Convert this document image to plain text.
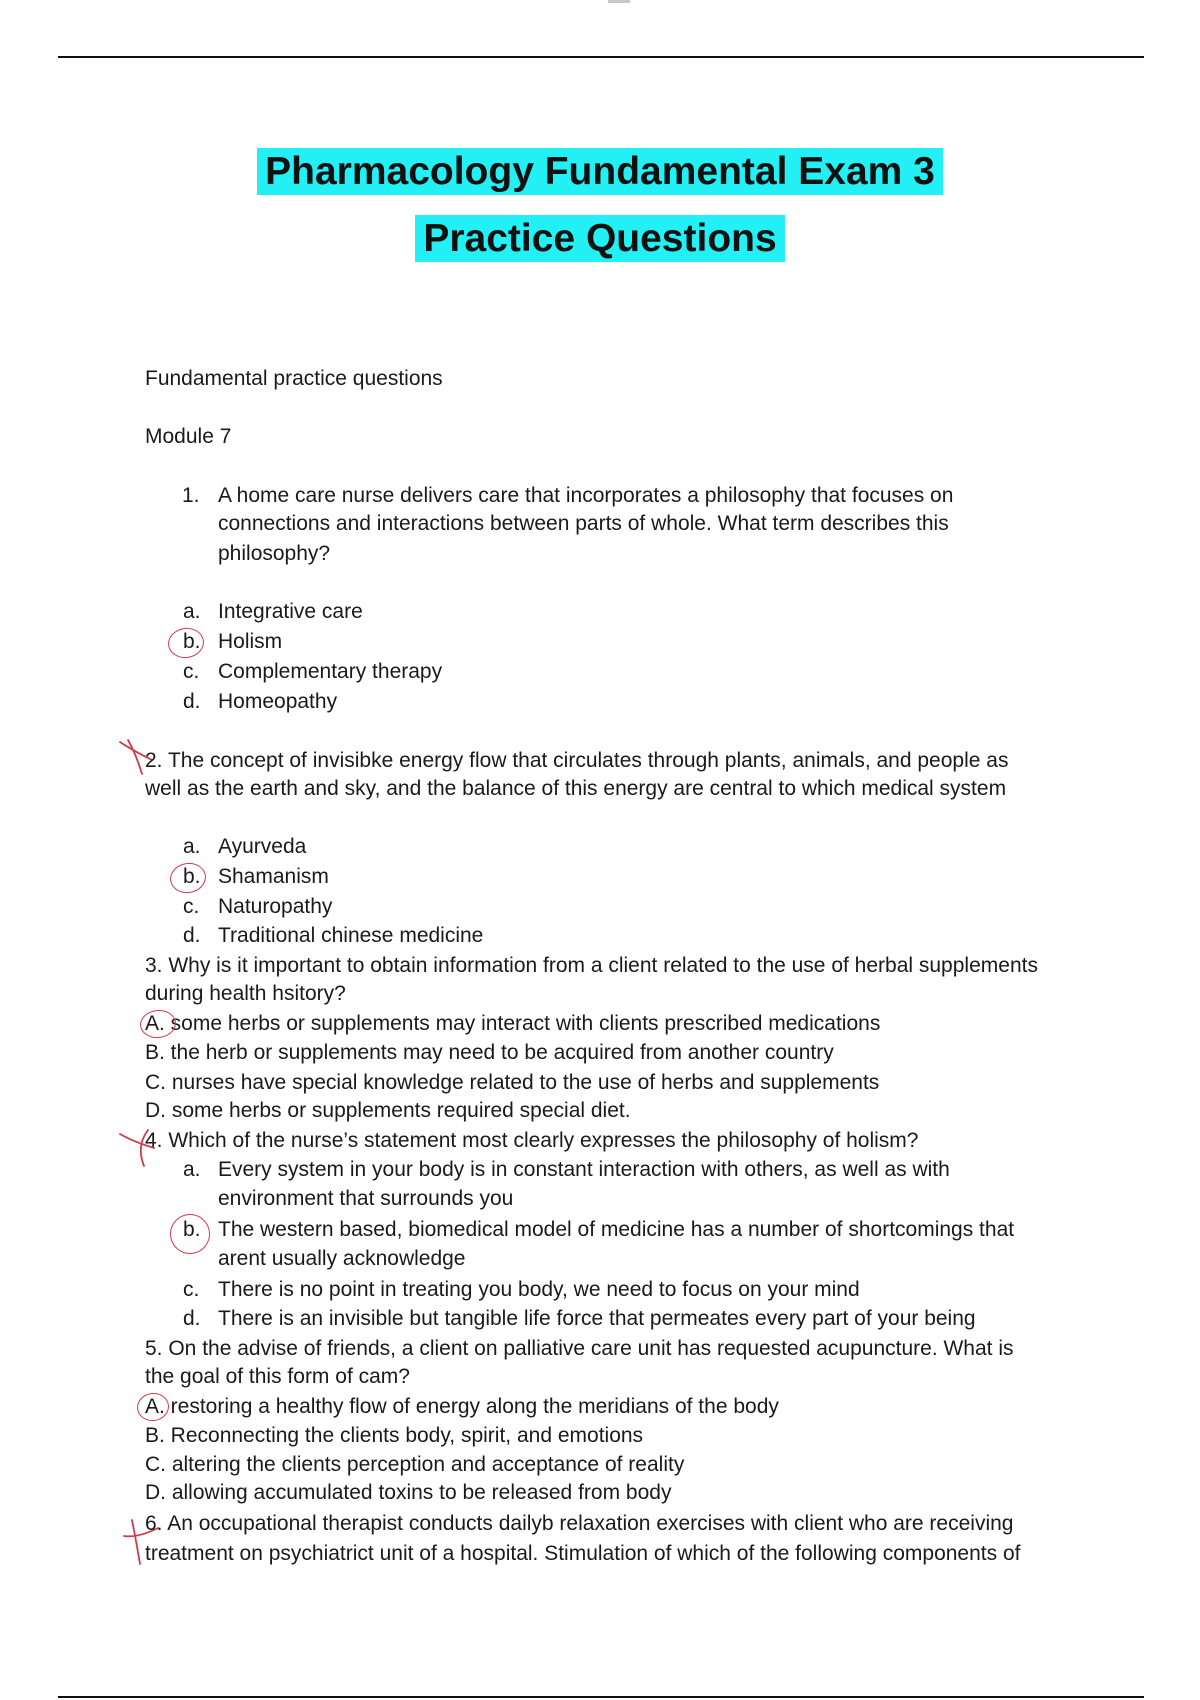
Pharmacology Fundamental Exam 3
Practice Questions
Fundamental practice questions
Module 7
1. A home care nurse delivers care that incorporates a philosophy that focuses on
connections and interactions between parts of whole. What term describes this
philosophy?
a. Integrative care
b. Holism
c. Complementary therapy
d. Homeopathy
2. The concept of invisibke energy flow that circulates through plants, animals, and people as
well as the earth and sky, and the balance of this energy are central to which medical system
a. Ayurveda
b. Shamanism
c. Naturopathy
d. Traditional chinese medicine
3. Why is it important to obtain information from a client related to the use of herbal supplements
during health hsitory?
A. some herbs or supplements may interact with clients prescribed medications
B. the herb or supplements may need to be acquired from another country
C. nurses have special knowledge related to the use of herbs and supplements
D. some herbs or supplements required special diet.
4. Which of the nurse’s statement most clearly expresses the philosophy of holism?
a. Every system in your body is in constant interaction with others, as well as with
environment that surrounds you
b. The western based, biomedical model of medicine has a number of shortcomings that
arent usually acknowledge
c. There is no point in treating you body, we need to focus on your mind
d. There is an invisible but tangible life force that permeates every part of your being
5. On the advise of friends, a client on palliative care unit has requested acupuncture. What is
the goal of this form of cam?
A. restoring a healthy flow of energy along the meridians of the body
B. Reconnecting the clients body, spirit, and emotions
C. altering the clients perception and acceptance of reality
D. allowing accumulated toxins to be released from body
6. An occupational therapist conducts dailyb relaxation exercises with client who are receiving
treatment on psychiatrict unit of a hospital. Stimulation of which of the following components of
